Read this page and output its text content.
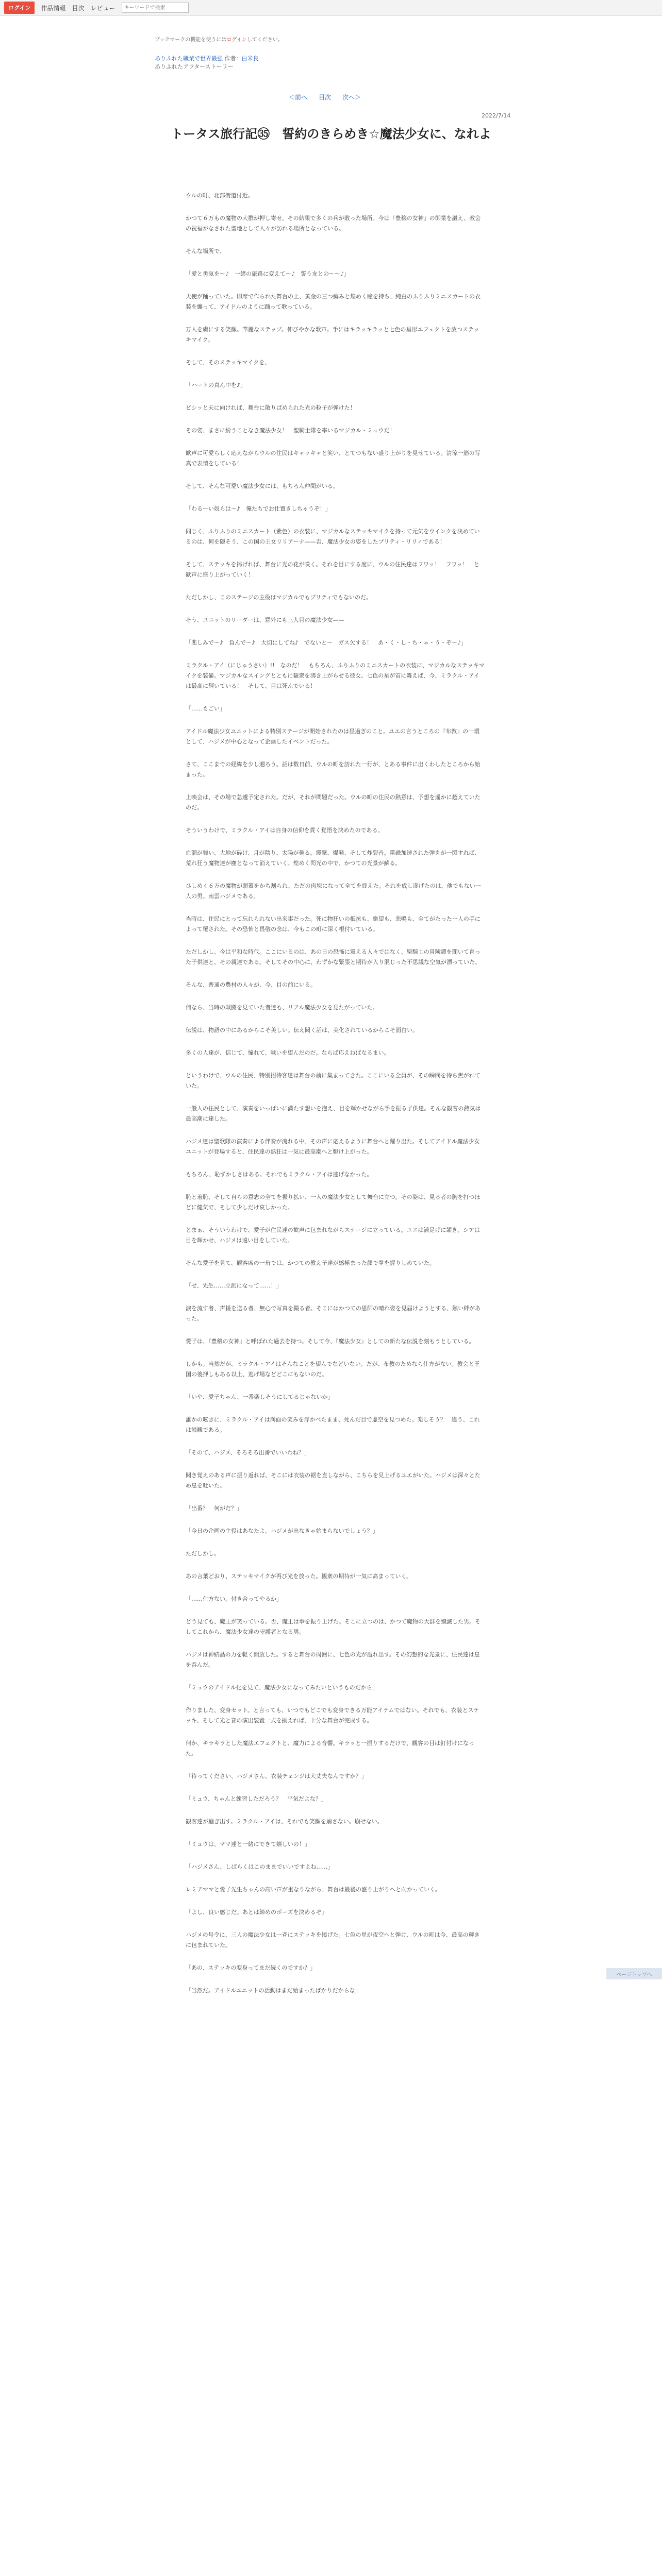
ログイン	作品情報 目次 レビュー
キーワードで検索
ブックマークの機能を使うにはログインしてください。
ありふれた職業で世界最強 作者：白米良
ありふれたアフターストーリー
＜前へ 目次 次へ＞
2022/7/14
トータス旅行記㉟　誓約のきらめき☆魔法少女に、なれよ

ウルの町、北部街道付近。

かつて６万もの魔物の大群が押し寄せ、その結果で多くの兵が散った場所。今は『豊穣の女神』の御業を讃え、教会の祝福がなされた聖地として人々が訪れる場所となっている。

そんな場所で、

「愛と勇気を～♪　一緒の旅路に変えて～♪　誓う友との～～♪」

天使が踊っていた。即席で作られた舞台の上、黄金の三つ編みと煌めく瞳を持ち、純白のふりふりミニスカートの衣装を纏って、アイドルのように踊って歌っている。

万人を虜にする笑顔。華麗なステップ。伸びやかな歌声。手にはキラッキラッと七色の星形エフェクトを放つステッキマイク。

そして、そのステッキマイクを、

「ハートの真ん中を♪」

ビシッと天に向ければ、舞台に散りばめられた光の粒子が弾けた！

その姿、まさに紛うことなき魔法少女！　聖騎士隊を率いるマジカル・ミュウだ！

歓声に可愛らしく応えながらウルの住民はキャッキャと笑い、とてつもない盛り上がりを見せている。清涼一筋の写真で表情をしている！

そして、そんな可愛い魔法少女には、もちろん仲間がいる。

「わるーい奴らは～♪　俺たちでお仕置きしちゃうぞ！」

同じく、ふりふりのミニスカート（紫色）の衣装に、マジカルなステッキマイクを持って元気をウインクを決めているのは、何を隠そう、この国の王女リリアーナ——否、魔法少女の姿をしたプリティ・リリィである！

そして、ステッキを掲げれば、舞台に光の花が咲く。それを目にする度に、ウルの住民達はフワッ！　フワッ！　と歓声に盛り上がっていく！

ただしかし、このステージの主役はマジカルでもプリティでもないのだ。

そう、ユニットのリーダーは、意外にも三人目の魔法少女——

「悲しみで～♪　負んで～♪　大切にしてね♪　でないと～　ガス欠する！　あ・く・し・ち・ゃ・う・ぞ～♪」

ミラクル・アイ（にじゅうさい）!!　なのだ！　もちろん、ふりふりのミニスカートの衣装に、マジカルなステッキマイクを装備。マジカルなスイングとともに観衆を沸き上がらせる彼女。七色の星が宙に舞えば、今、ミラクル・アイは最高に輝いている！　そして、目は死んでいる！

「……もごい」

アイドル魔法少女ユニットによる特別ステージが開始されたのは昼過ぎのこと。ユエの言うところの『布教』の一環として、ハジメが中心となって企画したイベントだった。

さて、ここまでの経緯を少し遡ろう。話は数日前、ウルの町を訪れた一行が、とある事件に出くわしたところから始まった。

上映会は、その場で急遽予定された。だが、それが問題だった。ウルの町の住民の熱意は、予想を遥かに超えていたのだ。

そういうわけで、ミラクル・アイは自身の信仰を貫く覚悟を決めたのである。

血溜が舞い、大地が砕け、月が陰り、太陽が曇る。震撃、爆発、そして炸裂音。電磁加速された弾丸が一閃すれば、荒れ狂う魔物達が塵となって消えていく。煌めく閃光の中で、かつての光景が蘇る。

ひしめく６万の魔物が頭蓋をかち割られ、ただの肉塊になって全てを終えた。それを成し遂げたのは、他でもない一人の男。南雲ハジメである。

当時は、住民にとって忘れられない出来事だった。死に物狂いの抵抗も、絶望も、悲鳴も、全てがたった一人の手によって覆された。その恐怖と畏敬の念は、今もこの町に深く根付いている。

ただしかし、今は平和な時代。ここにいるのは、あの日の恐怖に震える人々ではなく、聖騎士の冒険譚を聞いて育った子供達と、その親達である。そしてその中心に、わずかな緊張と期待が入り混じった不思議な空気が漂っていた。

そんな、普通の農村の人々が、今、目の前にいる。

何なら、当時の戦闘を見ていた者達も、リアル魔法少女を見たがっていた。

伝説は、物語の中にあるからこそ美しい。伝え聞く話は、美化されているからこそ面白い。

多くの人達が、信じて、憧れて、戦いを望んだのだ。ならば応えねばなるまい。

というわけで、ウルの住民、特別招待客達は舞台の前に集まってきた。ここにいる全員が、その瞬間を待ち焦がれていた。

一般人の住民として、演奏をいっぱいに満たす想いを抱え、目を輝かせながら手を振る子供達。そんな観客の熱気は最高潮に達した。

ハジメ達は聖歌隊の演奏による伴奏が流れる中、その声に応えるように舞台へと躍り出た。そしてアイドル魔法少女ユニットが登場すると、住民達の熱狂は一気に最高潮へと駆け上がった。

もちろん、恥ずかしさはある。それでもミラクル・アイは逃げなかった。

恥と羞恥、そして自らの意志の全てを振り払い、一人の魔法少女として舞台に立つ。その姿は、見る者の胸を打つほどに健気で、そして少しだけ哀しかった。

とまぁ、そういうわけで、愛子が住民達の歓声に包まれながらステージに立っている。ユエは満足げに頷き、シアは目を輝かせ、ハジメは遠い目をしていた。

そんな愛子を見て、観客席の一角では、かつての教え子達が感極まった顔で拳を握りしめていた。

「せ、先生……立派になって……！」

涙を流す者、声援を送る者、無心で写真を撮る者。そこにはかつての恩師の晴れ姿を見届けようとする、熱い絆があった。

愛子は、『豊穣の女神』と呼ばれた過去を持つ。そして今、『魔法少女』としての新たな伝説を刻もうとしている。

しかも。当然だが、ミラクル・アイはそんなことを望んでなどいない。だが、布教のためなら仕方がない。教会と王国の後押しもある以上、逃げ場などどこにもないのだ。

「いや、愛子ちゃん、一番楽しそうにしてるじゃないか」

誰かの呟きに、ミラクル・アイは満面の笑みを浮かべたまま、死んだ目で虚空を見つめた。楽しそう？　違う、これは諦観である。

「そのて、ハジメ、そろそろ出番でいいわね？」

聞き覚えのある声に振り返れば、そこには衣装の裾を直しながら、こちらを見上げるユエがいた。ハジメは深々とため息を吐いた。

「出番？　何がだ？」

「今日の企画の主役はあなたよ。ハジメが出なきゃ始まらないでしょう？」

ただしかし。

あの言葉どおり、ステッキマイクが再び光を放った。観衆の期待が一気に高まっていく。

「……仕方ない。付き合ってやるか」

どう見ても、魔王が笑っている。否、魔王は拳を振り上げた。そこに立つのは、かつて魔物の大群を殲滅した男。そしてこれから、魔法少女達の守護者となる男。

ハジメは神結晶の力を軽く開放した。すると舞台の周囲に、七色の光が溢れ出す。その幻想的な光景に、住民達は息を呑んだ。

「ミュウのアイドル化を見て、魔法少女になってみたいというものだから」

作りました、変身セット。と言っても、いつでもどこでも変身できる万能アイテムではない。それでも、衣装とステッキ、そして光と音の演出装置一式を揃えれば、十分な舞台が完成する。

何か、キラキラとした魔法エフェクトと、魔力による音響。キラッと一振りするだけで、観客の目は釘付けになった。

「待ってください、ハジメさん。衣装チェンジは大丈夫なんですか？」

「ミュウ、ちゃんと練習しただろう？　平気だよな？」

観客達が騒ぎ出す。ミラクル・アイは、それでも笑顔を崩さない。崩せない。

「ミュウは、ママ達と一緒にできて嬉しいの！」

「ハジメさん、しばらくはこのままでいいですよね……」

レミアママと愛子先生ちゃんの高い声が重なりながら、舞台は最後の盛り上がりへと向かっていく。

「よし、良い感じだ。あとは締めのポーズを決めるぞ」

ハジメの号令に、三人の魔法少女は一斉にステッキを掲げた。七色の星が夜空へと弾け、ウルの町は今、最高の輝きに包まれていた。

「あの、ステッキの変身ってまだ続くのですか？」

「当然だ。アイドルユニットの活動はまだ始まったばかりだからな」

ページトップへ
